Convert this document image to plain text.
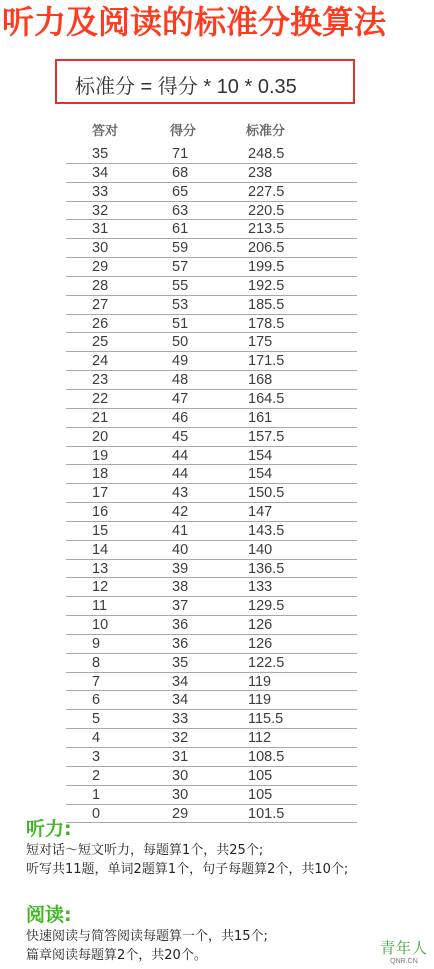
听力及阅读的标准分换算法
标准分 = 得分 * 10 * 0.35
答对	得分	标准分
35	71	248.5
34	68	238
33	65	227.5
32	63	220.5
31	61	213.5
30	59	206.5
29	57	199.5
28	55	192.5
27	53	185.5
26	51	178.5
25	50	175
24	49	171.5
23	48	168
22	47	164.5
21	46	161
20	45	157.5
19	44	154
18	44	154
17	43	150.5
16	42	147
15	41	143.5
14	40	140
13	39	136.5
12	38	133
11	37	129.5
10	36	126
9	36	126
8	35	122.5
7	34	119
6	34	119
5	33	115.5
4	32	112
3	31	108.5
2	30	105
1	30	105
0	29	101.5
听力:
短对话～短文听力，每题算1个，共25个;
听写共11题，单词2题算1个，句子每题算2个，共10个;
阅读:
快速阅读与简答阅读每题算一个，共15个;
篇章阅读每题算2个，共20个。	青年人
QNR.CN
